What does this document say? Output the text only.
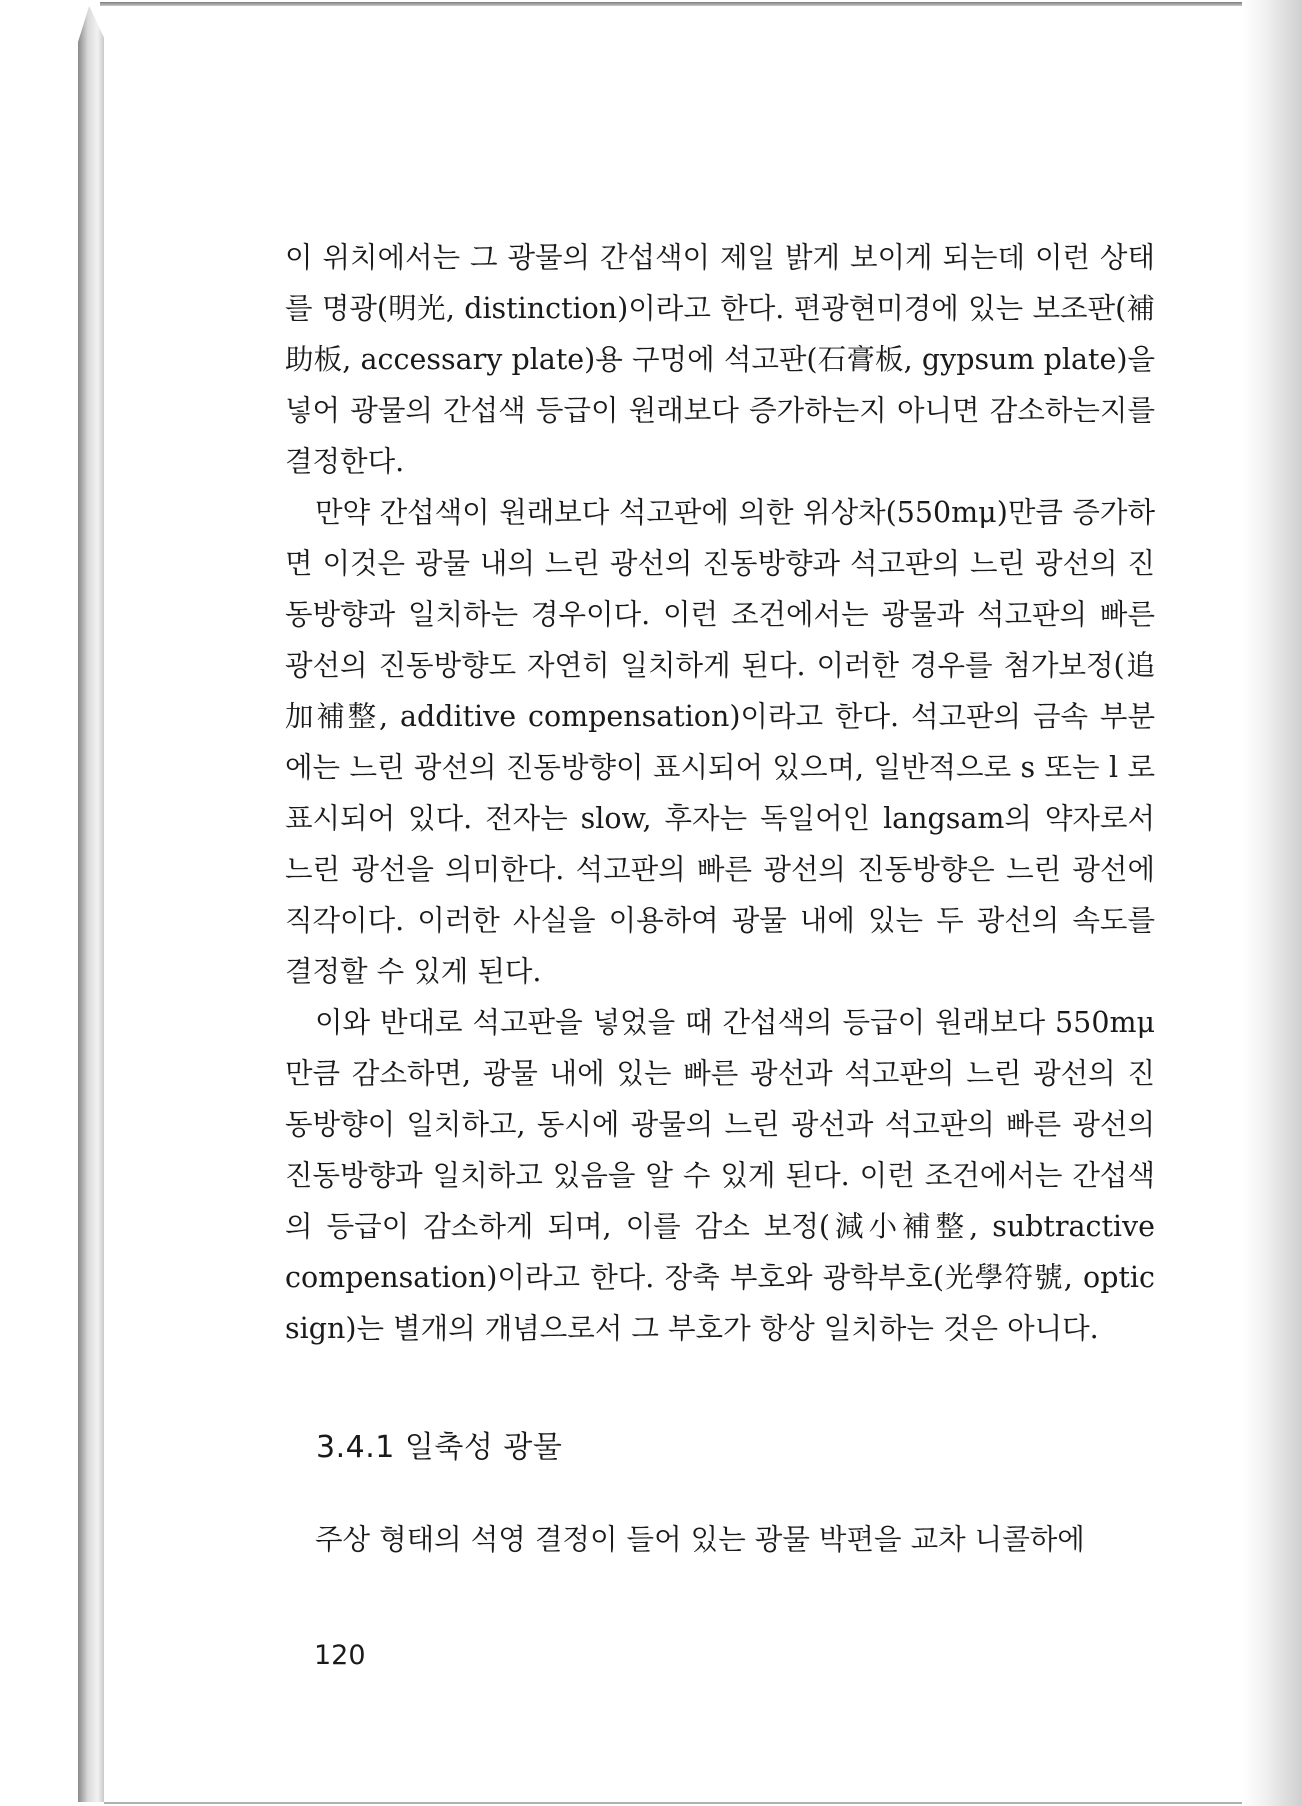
이 위치에서는 그 광물의 간섭색이 제일 밝게 보이게 되는데 이런 상태를 명광(明光, distinction)이라고 한다. 편광현미경에 있는 보조판(補助板, accessary plate)용 구멍에 석고판(石膏板, gypsum plate)을 넣어 광물의 간섭색 등급이 원래보다 증가하는지 아니면 감소하는지를 결정한다.

만약 간섭색이 원래보다 석고판에 의한 위상차(550mμ)만큼 증가하면 이것은 광물 내의 느린 광선의 진동방향과 석고판의 느린 광선의 진동방향과 일치하는 경우이다. 이런 조건에서는 광물과 석고판의 빠른 광선의 진동방향도 자연히 일치하게 된다. 이러한 경우를 첨가보정(追加補整, additive compensation)이라고 한다. 석고판의 금속 부분에는 느린 광선의 진동방향이 표시되어 있으며, 일반적으로 s 또는 l 로 표시되어 있다. 전자는 slow, 후자는 독일어인 langsam의 약자로서 느린 광선을 의미한다. 석고판의 빠른 광선의 진동방향은 느린 광선에 직각이다. 이러한 사실을 이용하여 광물 내에 있는 두 광선의 속도를 결정할 수 있게 된다.

이와 반대로 석고판을 넣었을 때 간섭색의 등급이 원래보다 550mμ만큼 감소하면, 광물 내에 있는 빠른 광선과 석고판의 느린 광선의 진동방향이 일치하고, 동시에 광물의 느린 광선과 석고판의 빠른 광선의 진동방향과 일치하고 있음을 알 수 있게 된다. 이런 조건에서는 간섭색의 등급이 감소하게 되며, 이를 감소 보정(減小補整, subtractive compensation)이라고 한다. 장축 부호와 광학부호(光學符號, optic sign)는 별개의 개념으로서 그 부호가 항상 일치하는 것은 아니다.

3.4.1 일축성 광물

주상 형태의 석영 결정이 들어 있는 광물 박편을 교차 니콜하에

120
